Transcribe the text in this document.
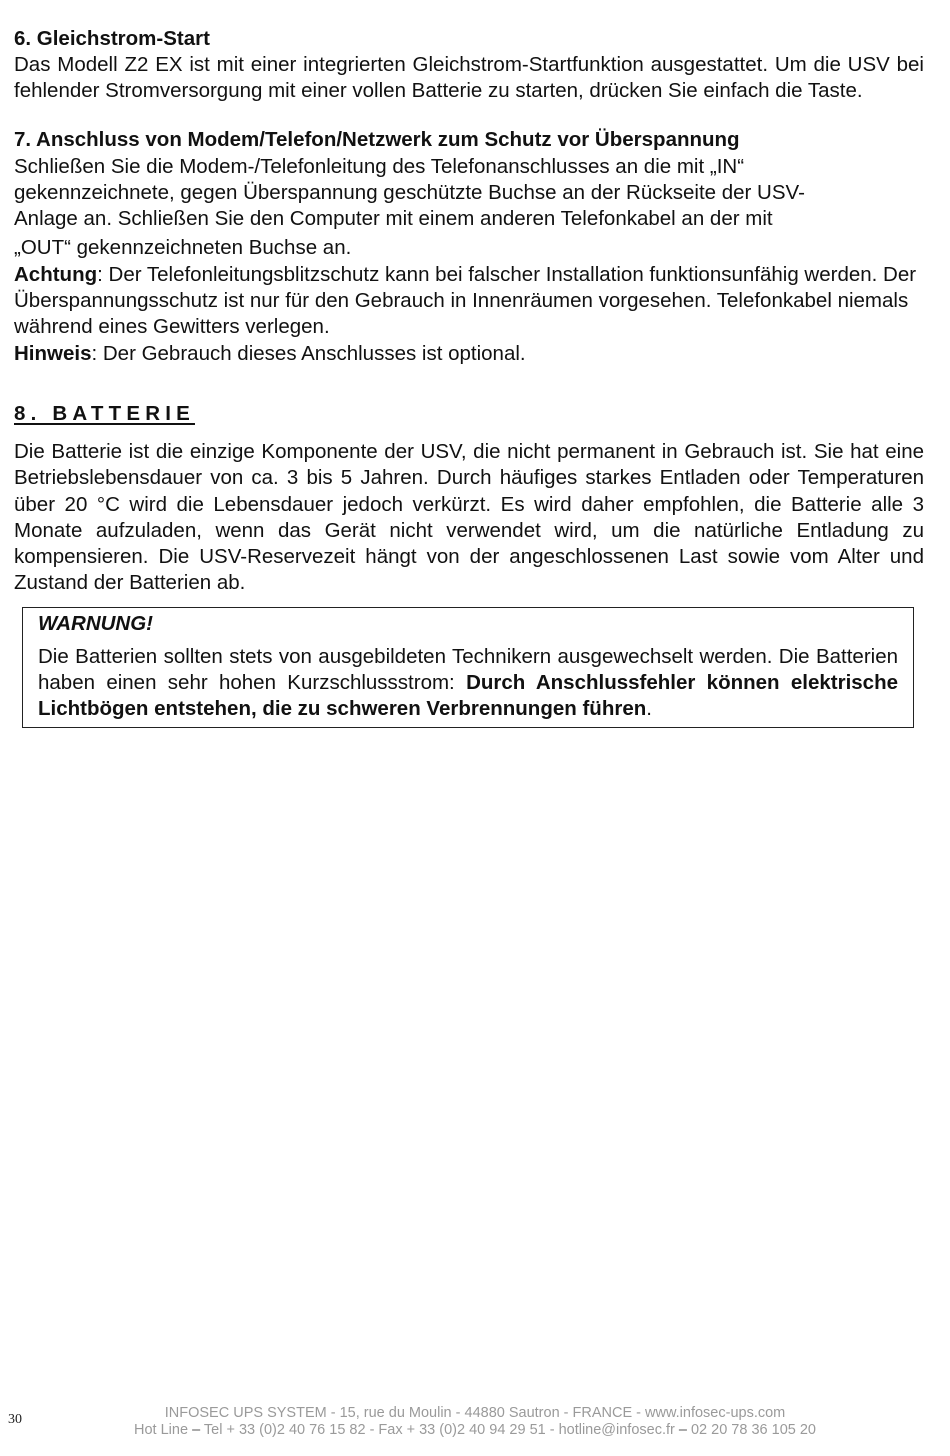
6. Gleichstrom-Start

Das Modell Z2 EX ist mit einer integrierten Gleichstrom-Startfunktion ausgestattet. Um die USV bei fehlender Stromversorgung mit einer vollen Batterie zu starten, drücken Sie einfach die Taste.

7. Anschluss von Modem/Telefon/Netzwerk zum Schutz vor Überspannung

Schließen Sie die Modem-/Telefonleitung des Telefonanschlusses an die mit „IN“

gekennzeichnete, gegen Überspannung geschützte Buchse an der Rückseite der USV-

Anlage an. Schließen Sie den Computer mit einem anderen Telefonkabel an der mit

„OUT“ gekennzeichneten Buchse an.

Achtung: Der Telefonleitungsblitzschutz kann bei falscher Installation funktionsunfähig werden. Der Überspannungsschutz ist nur für den Gebrauch in Innenräumen vorgesehen. Telefonkabel niemals während eines Gewitters verlegen.

Hinweis: Der Gebrauch dieses Anschlusses ist optional.

8. BATTERIE

Die Batterie ist die einzige Komponente der USV, die nicht permanent in Gebrauch ist. Sie hat eine Betriebslebensdauer von ca. 3 bis 5 Jahren. Durch häufiges starkes Entladen oder Temperaturen über 20 °C wird die Lebensdauer jedoch verkürzt. Es wird daher empfohlen, die Batterie alle 3 Monate aufzuladen, wenn das Gerät nicht verwendet wird, um die natürliche Entladung zu kompensieren. Die USV-Reservezeit hängt von der angeschlossenen Last sowie vom Alter und Zustand der Batterien ab.

WARNUNG!

Die Batterien sollten stets von ausgebildeten Technikern ausgewechselt werden. Die Batterien haben einen sehr hohen Kurzschlussstrom: Durch Anschlussfehler können elektrische Lichtbögen entstehen, die zu schweren Verbrennungen führen.

30	INFOSEC UPS SYSTEM - 15, rue du Moulin - 44880 Sautron - FRANCE - www.infosec-ups.com
Hot Line – Tel + 33 (0)2 40 76 15 82 - Fax + 33 (0)2 40 94 29 51 - hotline@infosec.fr – 02 20 78 36 105 20
